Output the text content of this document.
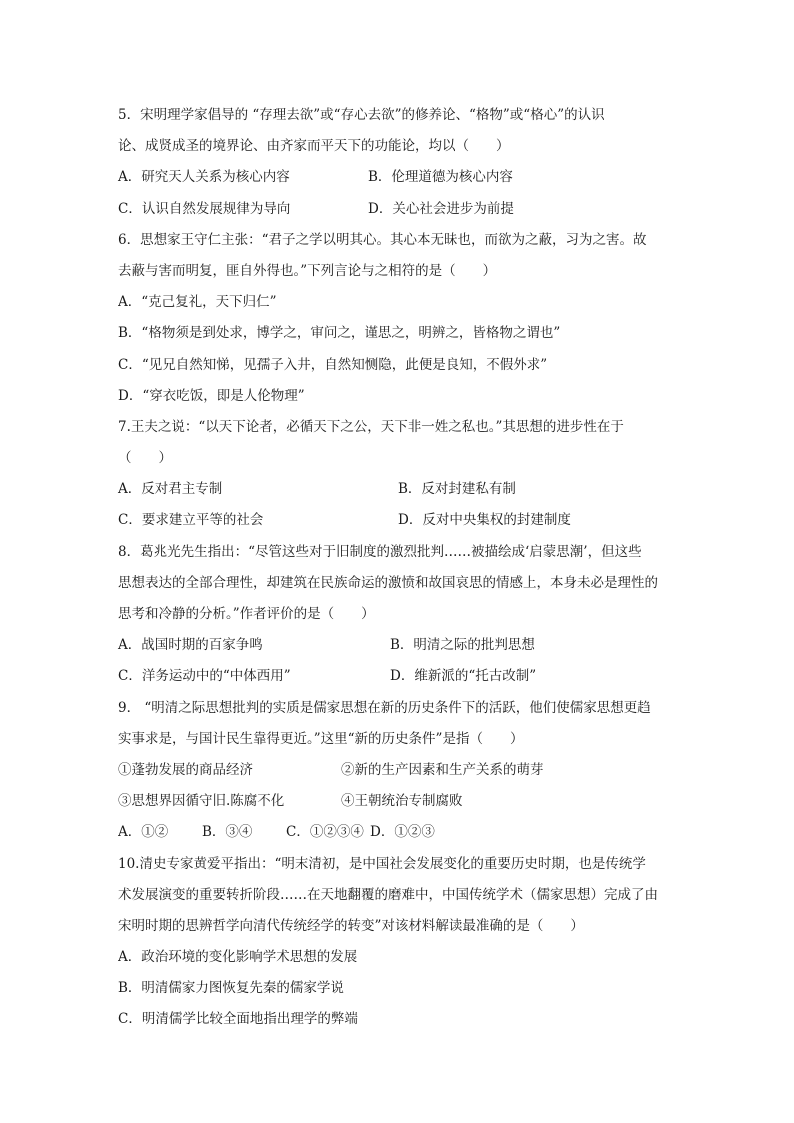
5．宋明理学家倡导的 “存理去欲”或“存心去欲”的修养论、“格物”或“格心”的认识
论、成贤成圣的境界论、由齐家而平天下的功能论，均以（　　）
A．研究天人关系为核心内容	B．伦理道德为核心内容
C．认识自然发展规律为导向	D．关心社会进步为前提
6．思想家王守仁主张：“君子之学以明其心。其心本无昧也，而欲为之蔽，习为之害。故
去蔽与害而明复，匪自外得也。”下列言论与之相符的是（　　）
A．“克己复礼，天下归仁”
B．“格物须是到处求，博学之，审问之，谨思之，明辨之，皆格物之谓也”
C．“见兄自然知悌，见孺子入井，自然知恻隐，此便是良知，不假外求”
D．“穿衣吃饭，即是人伦物理”
7.王夫之说：“以天下论者，必循天下之公，天下非一姓之私也。”其思想的进步性在于
（　　）
A．反对君主专制	B．反对封建私有制
C．要求建立平等的社会	D．反对中央集权的封建制度
8．葛兆光先生指出：“尽管这些对于旧制度的激烈批判……被描绘成‘启蒙思潮’，但这些
思想表达的全部合理性，却建筑在民族命运的激愤和故国哀思的情感上，本身未必是理性的
思考和冷静的分析。”作者评价的是（　　）
A．战国时期的百家争鸣	B．明清之际的批判思想
C．洋务运动中的“中体西用”	D．维新派的“托古改制”
9． “明清之际思想批判的实质是儒家思想在新的历史条件下的活跃，他们使儒家思想更趋
实事求是，与国计民生靠得更近。”这里“新的历史条件”是指（　　）
①蓬勃发展的商品经济	②新的生产因素和生产关系的萌芽
③思想界因循守旧.陈腐不化	④王朝统治专制腐败
A．①②	B．③④ C．①②③④ D．①②③
10.清史专家黄爱平指出：“明末清初，是中国社会发展变化的重要历史时期，也是传统学
术发展演变的重要转折阶段……在天地翻覆的磨难中，中国传统学术（儒家思想）完成了由
宋明时期的思辨哲学向清代传统经学的转变”对该材料解读最准确的是（　　）
A．政治环境的变化影响学术思想的发展
B．明清儒家力图恢复先秦的儒家学说
C．明清儒学比较全面地指出理学的弊端
